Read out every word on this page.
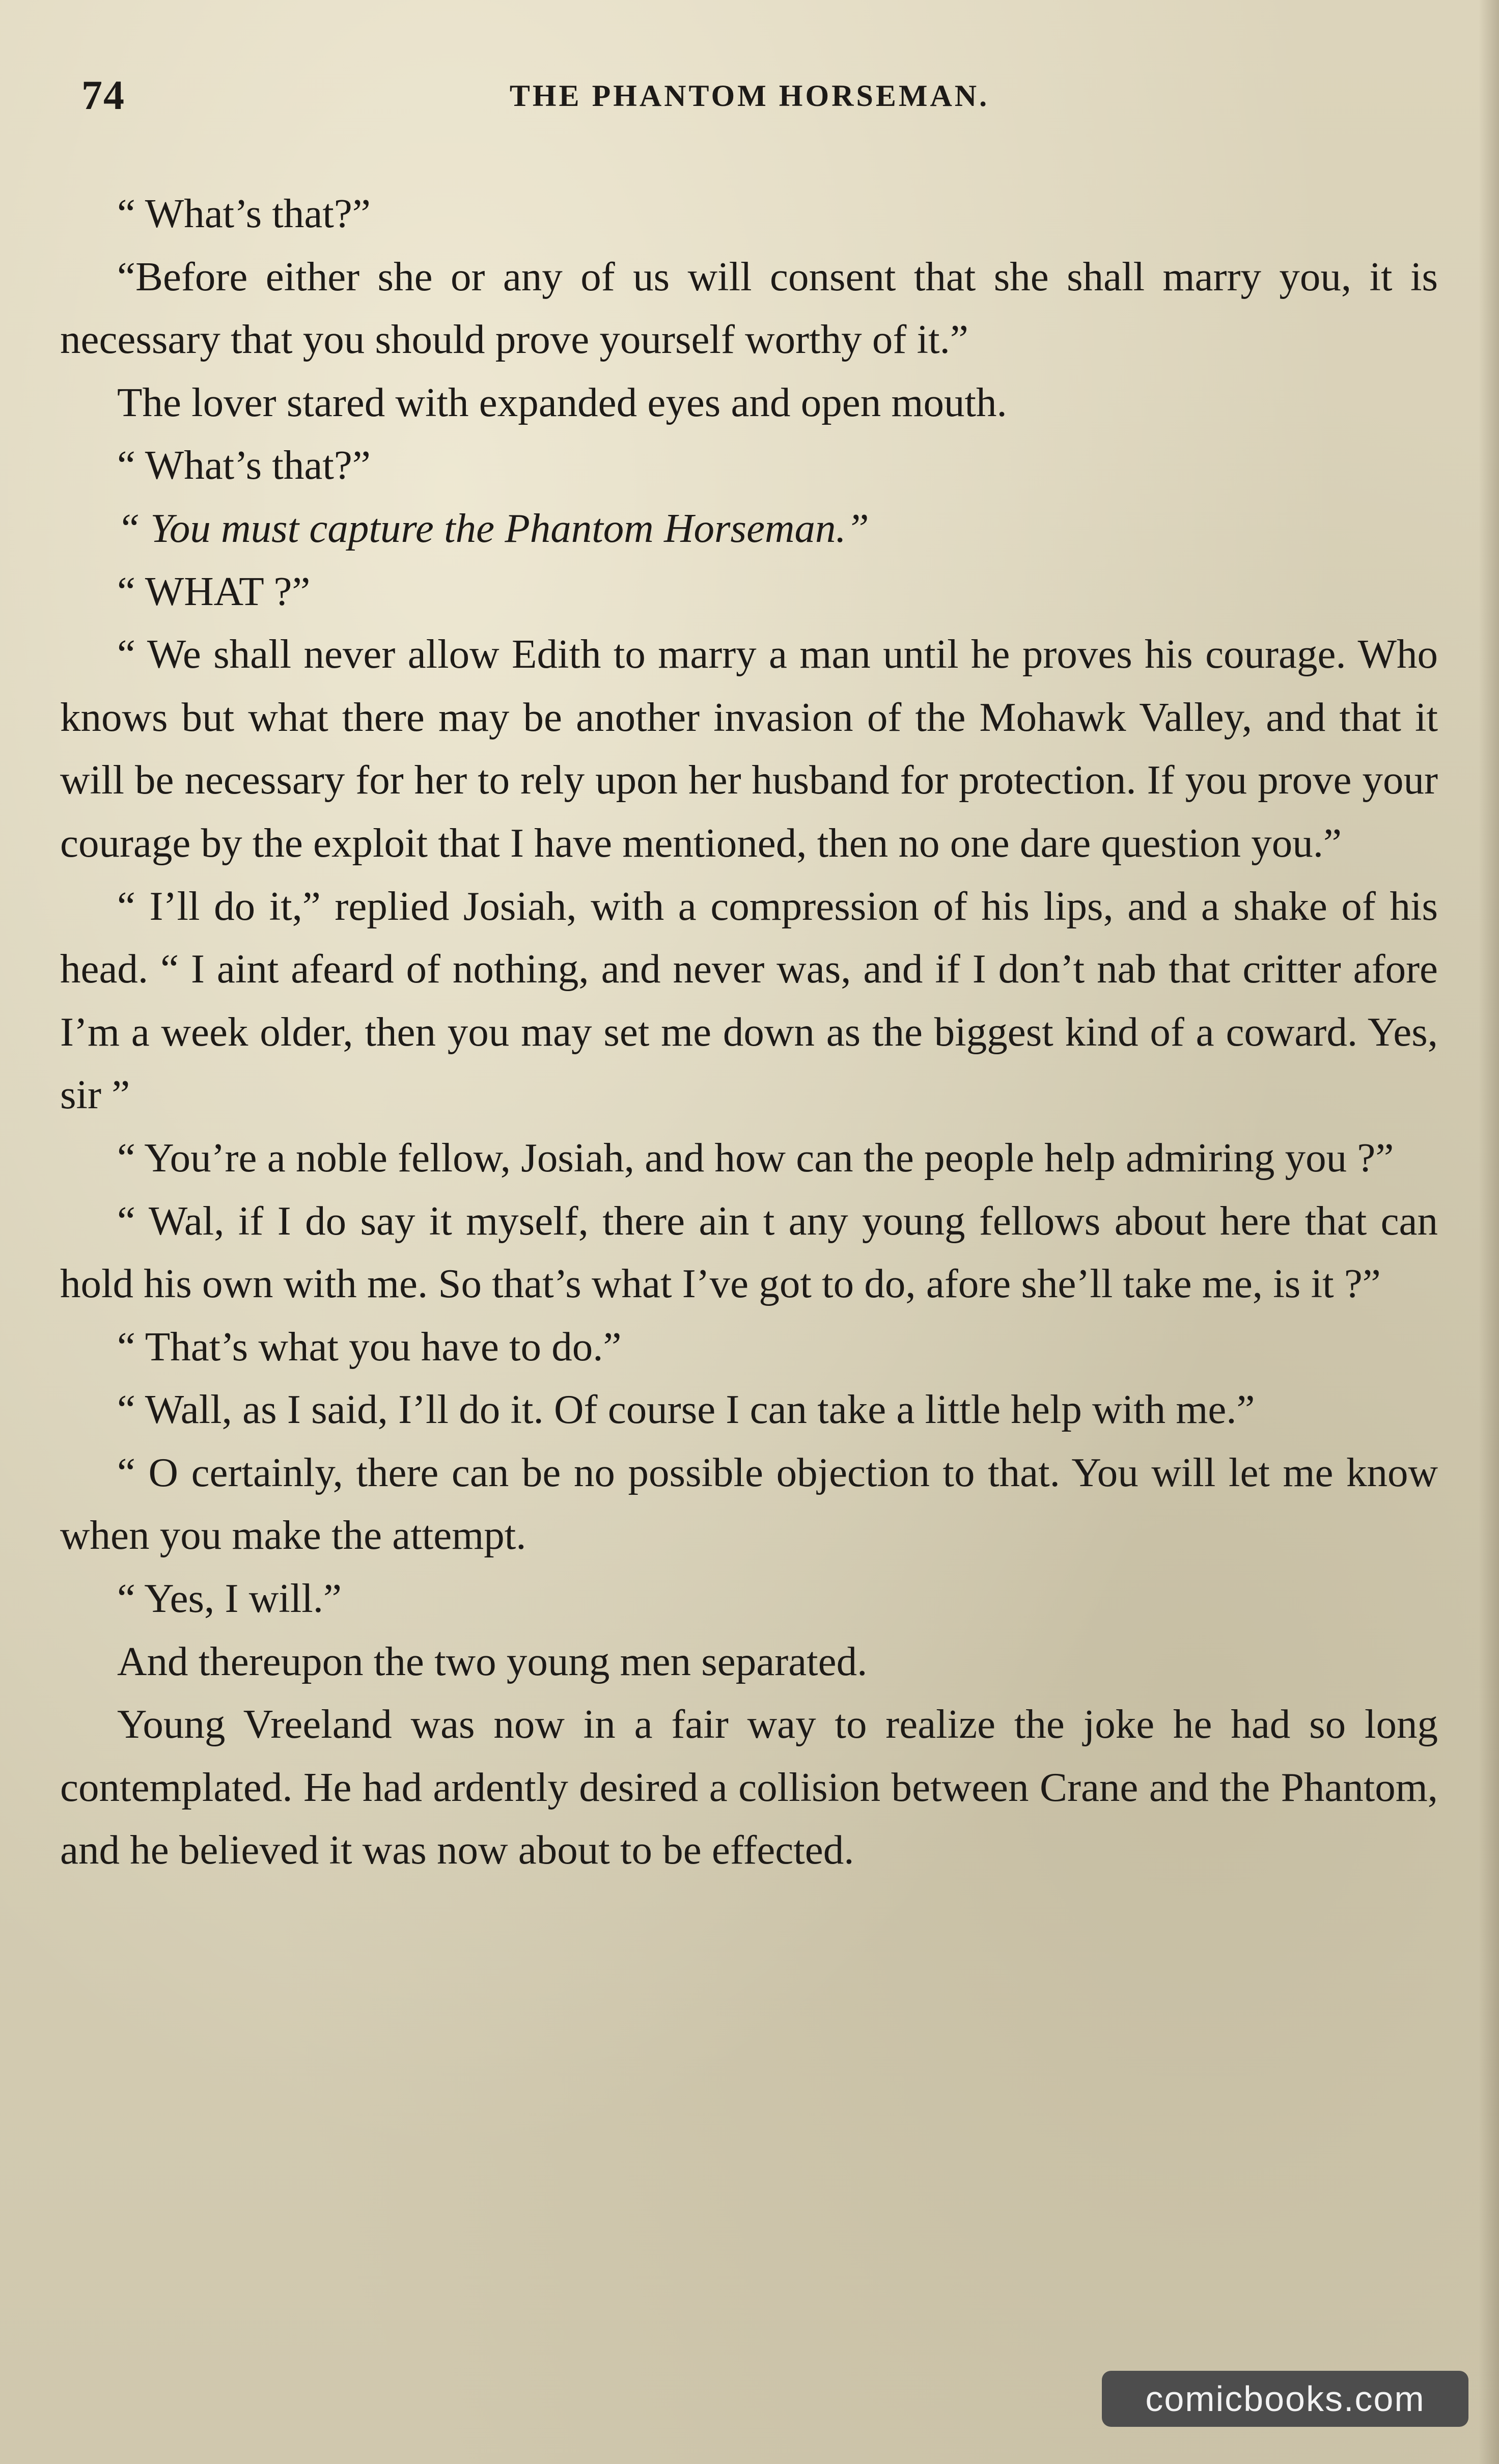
74	THE PHANTOM HORSEMAN.

“ What’s that?”

“Before either she or any of us will consent that she shall marry you, it is necessary that you should prove yourself worthy of it.”

The lover stared with expanded eyes and open mouth.

“ What’s that?”

“ You must capture the Phantom Horseman.”

“ WHAT ?”

“ We shall never allow Edith to marry a man until he proves his courage. Who knows but what there may be another invasion of the Mohawk Valley, and that it will be necessary for her to rely upon her husband for protection. If you prove your courage by the exploit that I have mentioned, then no one dare question you.”

“ I’ll do it,” replied Josiah, with a compression of his lips, and a shake of his head. “ I aint afeard of nothing, and never was, and if I don’t nab that critter afore I’m a week older, then you may set me down as the biggest kind of a coward. Yes, sir ”

“ You’re a noble fellow, Josiah, and how can the people help admiring you ?”

“ Wal, if I do say it myself, there ain t any young fellows about here that can hold his own with me. So that’s what I’ve got to do, afore she’ll take me, is it ?”

“ That’s what you have to do.”

“ Wall, as I said, I’ll do it. Of course I can take a little help with me.”

“ O certainly, there can be no possible objection to that. You will let me know when you make the attempt.

“ Yes, I will.”

And thereupon the two young men separated.

Young Vreeland was now in a fair way to realize the joke he had so long contemplated. He had ardently desired a collision between Crane and the Phantom, and he believed it was now about to be effected.

comicbooks.com
